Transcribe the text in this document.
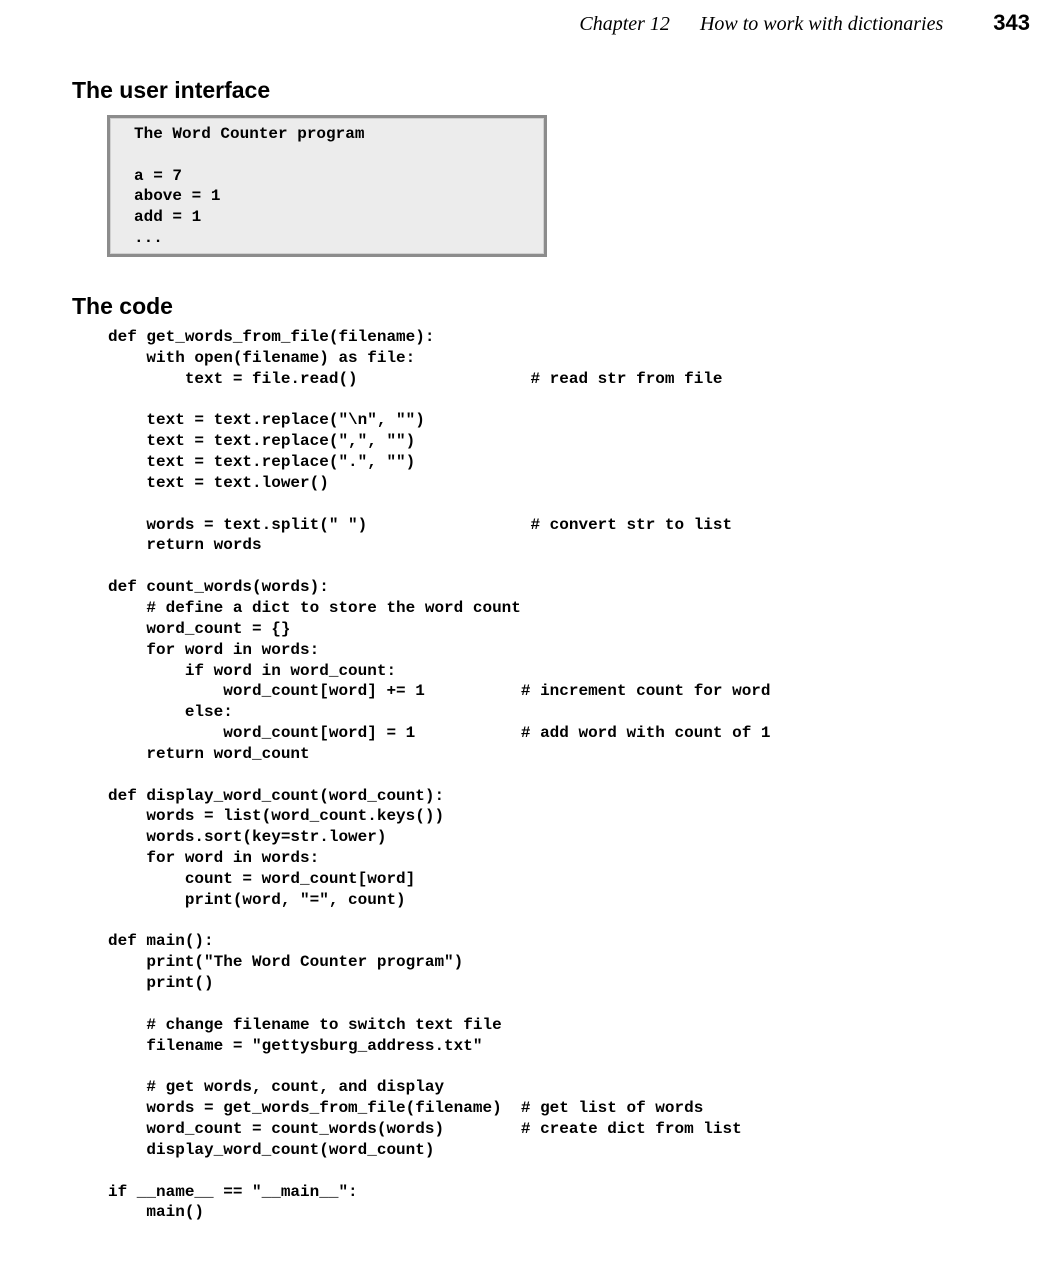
Chapter 12 How to work with dictionaries 343
The user interface
The Word Counter program
a = 7
above = 1
add = 1
...
The code
def get_words_from_file(filename):
with open(filename) as file:
text = file.read()                  # read str from file
text = text.replace("\n", "")
text = text.replace(",", "")
text = text.replace(".", "")
text = text.lower()
words = text.split(" ")                 # convert str to list
return words
def count_words(words):
# define a dict to store the word count
word_count = {}
for word in words:
if word in word_count:
word_count[word] += 1          # increment count for word
else:
word_count[word] = 1           # add word with count of 1
return word_count
def display_word_count(word_count):
words = list(word_count.keys())
words.sort(key=str.lower)
for word in words:
count = word_count[word]
print(word, "=", count)
def main():
print("The Word Counter program")
print()
# change filename to switch text file
filename = "gettysburg_address.txt"
# get words, count, and display
words = get_words_from_file(filename)  # get list of words
word_count = count_words(words)        # create dict from list
display_word_count(word_count)
if __name__ == "__main__":
main()
